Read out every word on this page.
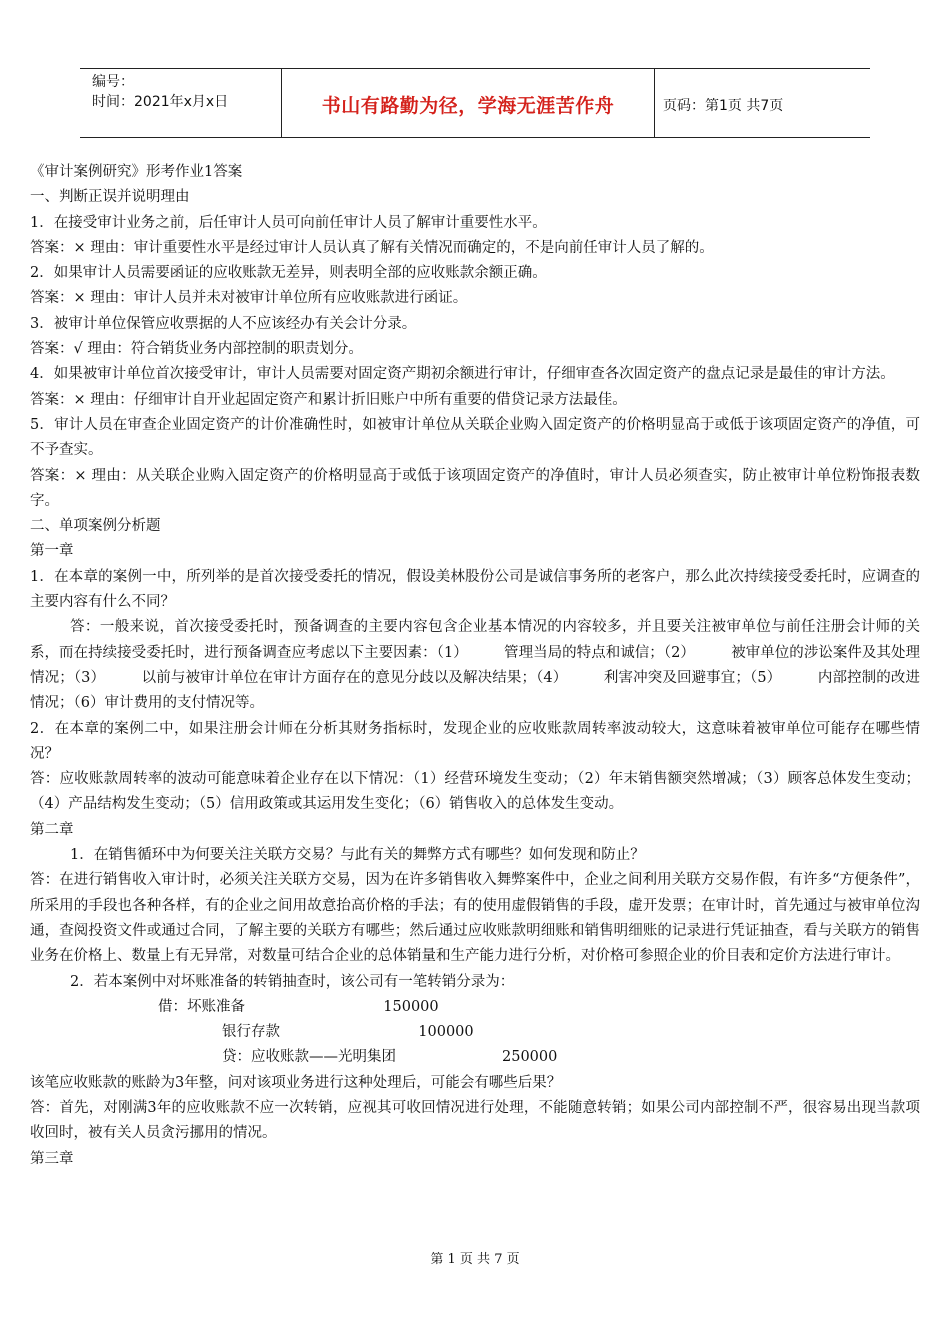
编号：
时间：2021年x月x日	书山有路勤为径，学海无涯苦作舟	页码：第1页 共7页

《审计案例研究》形考作业1答案

一、判断正误并说明理由

1．在接受审计业务之前，后任审计人员可向前任审计人员了解审计重要性水平。

答案：× 理由：审计重要性水平是经过审计人员认真了解有关情况而确定的，不是向前任审计人员了解的。

2．如果审计人员需要函证的应收账款无差异，则表明全部的应收账款余额正确。

答案：× 理由：审计人员并未对被审计单位所有应收账款进行函证。

3．被审计单位保管应收票据的人不应该经办有关会计分录。

答案：√ 理由：符合销货业务内部控制的职责划分。

4．如果被审计单位首次接受审计，审计人员需要对固定资产期初余额进行审计，仔细审查各次固定资产的盘点记录是最佳的审计方法。

答案：× 理由：仔细审计自开业起固定资产和累计折旧账户中所有重要的借贷记录方法最佳。

5．审计人员在审查企业固定资产的计价准确性时，如被审计单位从关联企业购入固定资产的价格明显高于或低于该项固定资产的净值，可不予查实。

答案：× 理由：从关联企业购入固定资产的价格明显高于或低于该项固定资产的净值时，审计人员必须查实，防止被审计单位粉饰报表数字。

二、单项案例分析题

第一章

1．在本章的案例一中，所列举的是首次接受委托的情况，假设美林股份公司是诚信事务所的老客户，那么此次持续接受委托时，应调查的主要内容有什么不同？

答：一般来说，首次接受委托时，预备调查的主要内容包含企业基本情况的内容较多，并且要关注被审单位与前任注册会计师的关系，而在持续接受委托时，进行预备调查应考虑以下主要因素：（1）　　　管理当局的特点和诚信；（2）　　　被审单位的涉讼案件及其处理情况；（3）　　　以前与被审计单位在审计方面存在的意见分歧以及解决结果；（4）　　　利害冲突及回避事宜；（5）　　　内部控制的改进情况；（6）审计费用的支付情况等。

2．在本章的案例二中，如果注册会计师在分析其财务指标时，发现企业的应收账款周转率波动较大，这意味着被审单位可能存在哪些情况？

答：应收账款周转率的波动可能意味着企业存在以下情况：（1）经营环境发生变动；（2）年末销售额突然增减；（3）顾客总体发生变动；（4）产品结构发生变动；（5）信用政策或其运用发生变化；（6）销售收入的总体发生变动。

第二章

1．在销售循环中为何要关注关联方交易？与此有关的舞弊方式有哪些？如何发现和防止？

答：在进行销售收入审计时，必须关注关联方交易，因为在许多销售收入舞弊案件中，企业之间利用关联方交易作假，有许多“方便条件”，所采用的手段也各种各样，有的企业之间用故意抬高价格的手法；有的使用虚假销售的手段，虚开发票；在审计时，首先通过与被审单位沟通，查阅投资文件或通过合同，了解主要的关联方有哪些；然后通过应收账款明细账和销售明细账的记录进行凭证抽查，看与关联方的销售业务在价格上、数量上有无异常，对数量可结合企业的总体销量和生产能力进行分析，对价格可参照企业的价目表和定价方法进行审计。

2．若本案例中对坏账准备的转销抽查时，该公司有一笔转销分录为：

借：坏账准备                              150000

银行存款                              100000

贷：应收账款——光明集团                       250000

该笔应收账款的账龄为3年整，问对该项业务进行这种处理后，可能会有哪些后果？

答：首先，对刚满3年的应收账款不应一次转销，应视其可收回情况进行处理，不能随意转销；如果公司内部控制不严，很容易出现当款项收回时，被有关人员贪污挪用的情况。

第三章

第 1 页 共 7 页
